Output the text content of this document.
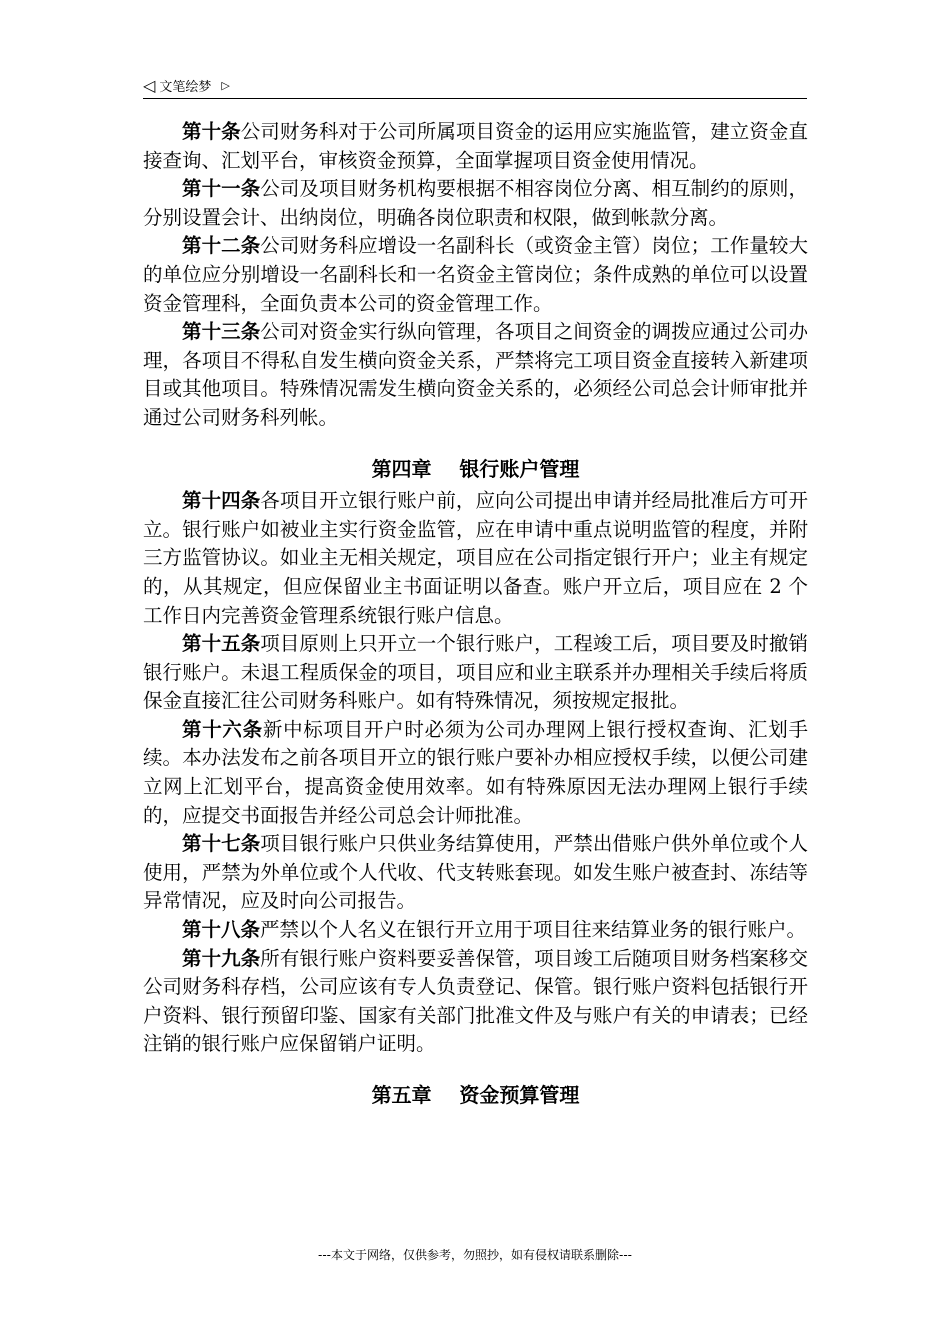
◁ 文笔绘梦 ▷

第十条公司财务科对于公司所属项目资金的运用应实施监管，建立资金直接查询、汇划平台，审核资金预算，全面掌握项目资金使用情况。

第十一条公司及项目财务机构要根据不相容岗位分离、相互制约的原则，分别设置会计、出纳岗位，明确各岗位职责和权限，做到帐款分离。

第十二条公司财务科应增设一名副科长（或资金主管）岗位；工作量较大的单位应分别增设一名副科长和一名资金主管岗位；条件成熟的单位可以设置资金管理科，全面负责本公司的资金管理工作。

第十三条公司对资金实行纵向管理，各项目之间资金的调拨应通过公司办理，各项目不得私自发生横向资金关系，严禁将完工项目资金直接转入新建项目或其他项目。特殊情况需发生横向资金关系的，必须经公司总会计师审批并通过公司财务科列帐。

第四章    银行账户管理

第十四条各项目开立银行账户前，应向公司提出申请并经局批准后方可开立。银行账户如被业主实行资金监管，应在申请中重点说明监管的程度，并附三方监管协议。如业主无相关规定，项目应在公司指定银行开户；业主有规定的，从其规定，但应保留业主书面证明以备查。账户开立后，项目应在 2 个工作日内完善资金管理系统银行账户信息。

第十五条项目原则上只开立一个银行账户，工程竣工后，项目要及时撤销银行账户。未退工程质保金的项目，项目应和业主联系并办理相关手续后将质保金直接汇往公司财务科账户。如有特殊情况，须按规定报批。

第十六条新中标项目开户时必须为公司办理网上银行授权查询、汇划手续。本办法发布之前各项目开立的银行账户要补办相应授权手续，以便公司建立网上汇划平台，提高资金使用效率。如有特殊原因无法办理网上银行手续的，应提交书面报告并经公司总会计师批准。

第十七条项目银行账户只供业务结算使用，严禁出借账户供外单位或个人使用，严禁为外单位或个人代收、代支转账套现。如发生账户被查封、冻结等异常情况，应及时向公司报告。

第十八条严禁以个人名义在银行开立用于项目往来结算业务的银行账户。

第十九条所有银行账户资料要妥善保管，项目竣工后随项目财务档案移交公司财务科存档，公司应该有专人负责登记、保管。银行账户资料包括银行开户资料、银行预留印鉴、国家有关部门批准文件及与账户有关的申请表；已经注销的银行账户应保留销户证明。

第五章    资金预算管理
---本文于网络，仅供参考，勿照抄，如有侵权请联系删除---
